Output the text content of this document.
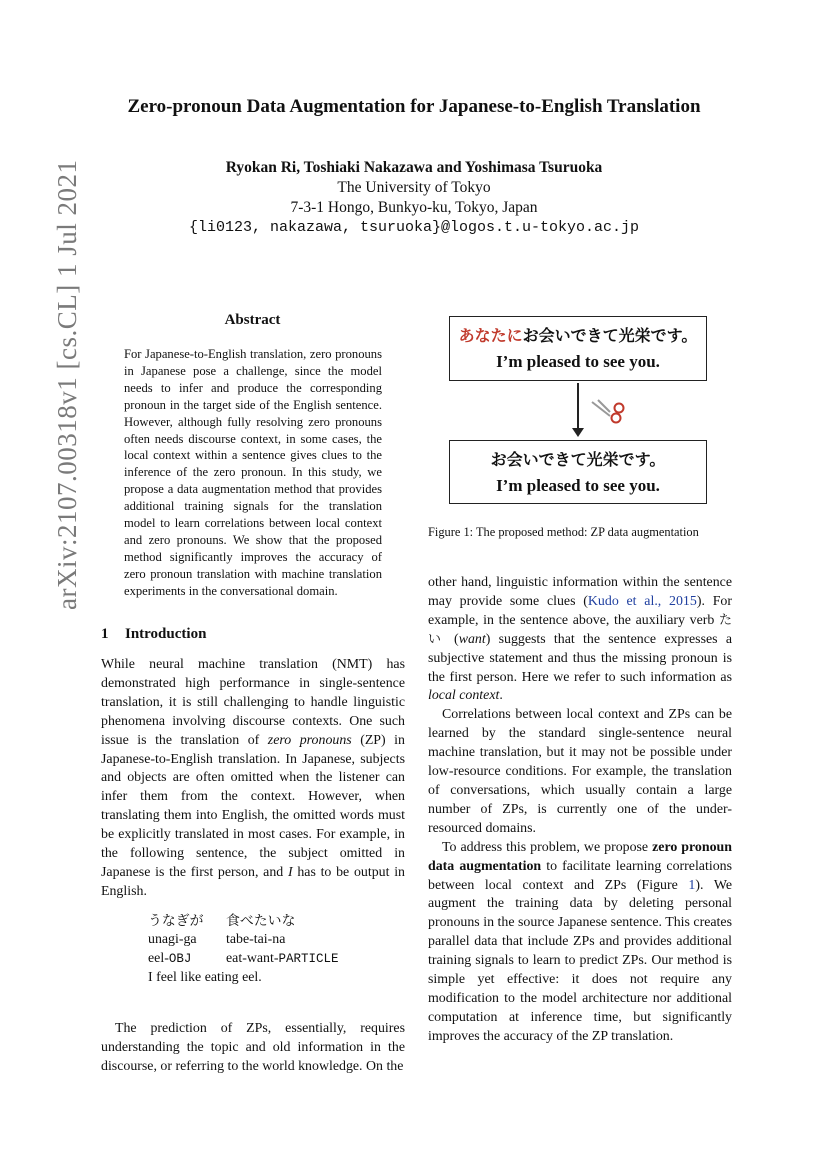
arXiv:2107.00318v1 [cs.CL] 1 Jul 2021
Zero-pronoun Data Augmentation for Japanese-to-English Translation
Ryokan Ri, Toshiaki Nakazawa and Yoshimasa Tsuruoka
The University of Tokyo
7-3-1 Hongo, Bunkyo-ku, Tokyo, Japan
{li0123, nakazawa, tsuruoka}@logos.t.u-tokyo.ac.jp
Abstract
For Japanese-to-English translation, zero pronouns in Japanese pose a challenge, since the model needs to infer and produce the corresponding pronoun in the target side of the English sentence. However, although fully resolving zero pronouns often needs discourse context, in some cases, the local context within a sentence gives clues to the inference of the zero pronoun. In this study, we propose a data augmentation method that provides additional training signals for the translation model to learn correlations between local context and zero pronouns. We show that the proposed method significantly improves the accuracy of zero pronoun translation with machine translation experiments in the conversational domain.
1 Introduction

While neural machine translation (NMT) has demonstrated high performance in single-sentence translation, it is still challenging to handle linguistic phenomena involving discourse contexts. One such issue is the translation of zero pronouns (ZP) in Japanese-to-English translation. In Japanese, subjects and objects are often omitted when the listener can infer them from the context. However, when translating them into English, the omitted words must be explicitly translated in most cases. For example, in the following sentence, the subject omitted in Japanese is the first person, and I has to be output in English.

うなぎが	食べたいな
unagi-ga	tabe-tai-na
eel-OBJ	eat-want-PARTICLE
I feel like eating eel.

The prediction of ZPs, essentially, requires understanding the topic and old information in the discourse, or referring to the world knowledge. On the

other hand, linguistic information within the sentence may provide some clues (Kudo et al., 2015). For example, in the sentence above, the auxiliary verb たい (want) suggests that the sentence expresses a subjective statement and thus the missing pronoun is the first person. Here we refer to such information as local context.

Correlations between local context and ZPs can be learned by the standard single-sentence neural machine translation, but it may not be possible under low-resource conditions. For example, the translation of conversations, which usually contain a large number of ZPs, is currently one of the under-resourced domains.

To address this problem, we propose zero pronoun data augmentation to facilitate learning correlations between local context and ZPs (Figure 1). We augment the training data by deleting personal pronouns in the source Japanese sentence. This creates parallel data that include ZPs and provides additional training signals to learn to predict ZPs. Our method is simple yet effective: it does not require any modification to the model architecture nor additional computation at inference time, but significantly improves the accuracy of the ZP translation.

あなたにお会いできて光栄です。
I’m pleased to see you.
お会いできて光栄です。
I’m pleased to see you.
Figure 1: The proposed method: ZP data augmentation
